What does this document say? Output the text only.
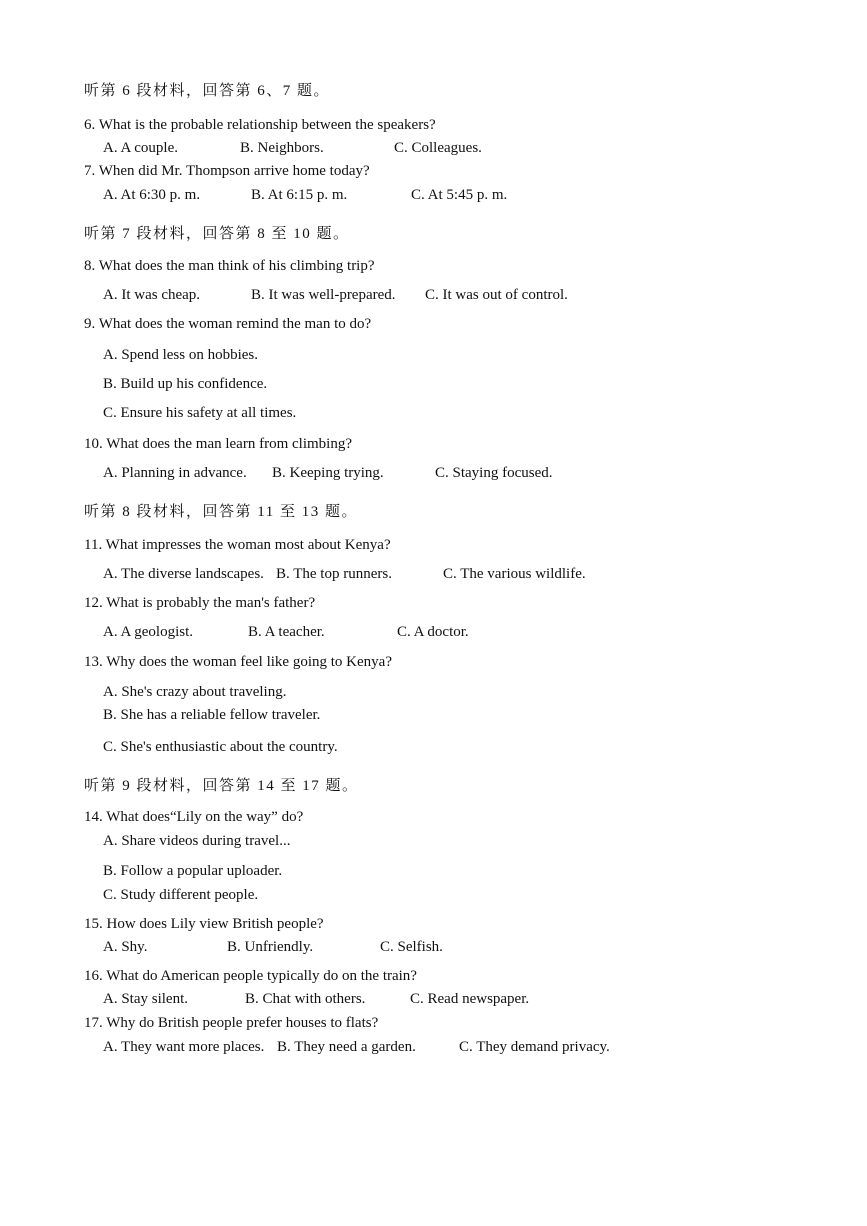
听第 6 段材料，回答第 6、7 题。
6. What is the probable relationship between the speakers?
A. A couple.	B. Neighbors.	C. Colleagues.
7. When did Mr. Thompson arrive home today?
A. At 6:30 p. m.	B. At 6:15 p. m.	C. At 5:45 p. m.
听第 7 段材料，回答第 8 至 10 题。
8. What does the man think of his climbing trip?
A. It was cheap.	B. It was well-prepared. C. It was out of control.
9. What does the woman remind the man to do?
A. Spend less on hobbies.
B. Build up his confidence.
C. Ensure his safety at all times.
10. What does the man learn from climbing?
A. Planning in advance. B. Keeping trying.	C. Staying focused.
听第 8 段材料，回答第 11 至 13 题。
11. What impresses the woman most about Kenya?
A. The diverse landscapes. B. The top runners.	C. The various wildlife.
12. What is probably the man's father?
A. A geologist.	B. A teacher.	C. A doctor.
13. Why does the woman feel like going to Kenya?
A. She's crazy about traveling.
B. She has a reliable fellow traveler.
C. She's enthusiastic about the country.
听第 9 段材料，回答第 14 至 17 题。
14. What does“Lily on the way” do?
A. Share videos during travel...
B. Follow a popular uploader.
C. Study different people.
15. How does Lily view British people?
A. Shy.	B. Unfriendly.	C. Selfish.
16. What do American people typically do on the train?
A. Stay silent.	B. Chat with others.	C. Read newspaper.
17. Why do British people prefer houses to flats?
A. They want more places. B. They need a garden.	C. They demand privacy.
